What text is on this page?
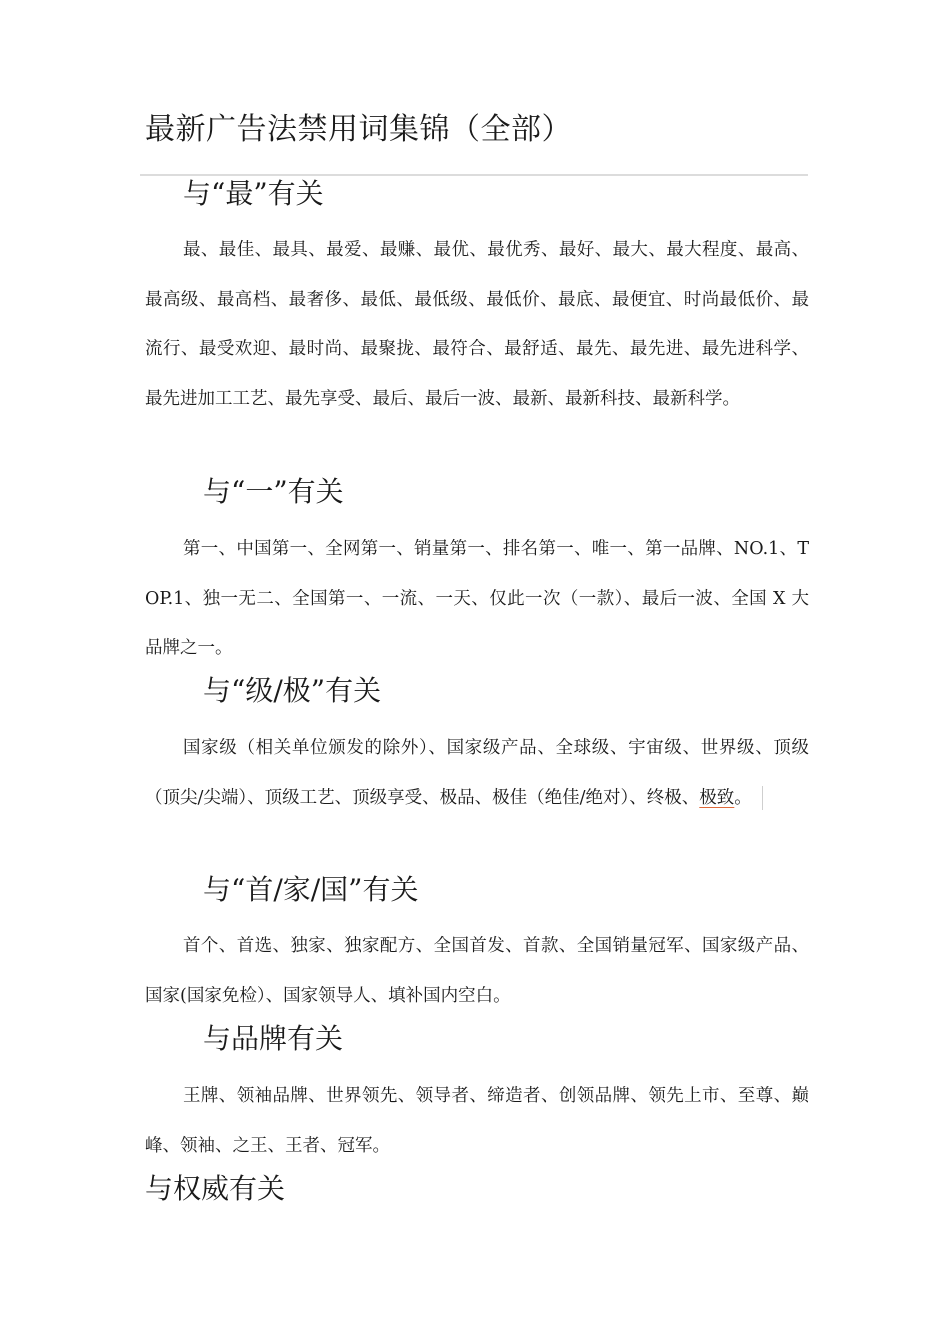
最新广告法禁用词集锦（全部）
与“最”有关
最、最佳、最具、最爱、最赚、最优、最优秀、最好、最大、最大程度、最高、最高级、最高档、最奢侈、最低、最低级、最低价、最底、最便宜、时尚最低价、最流行、最受欢迎、最时尚、最聚拢、最符合、最舒适、最先、最先进、最先进科学、最先进加工工艺、最先享受、最后、最后一波、最新、最新科技、最新科学。
与“一”有关
第一、中国第一、全网第一、销量第一、排名第一、唯一、第一品牌、NO.1、TOP.1、独一无二、全国第一、一流、一天、仅此一次（一款）、最后一波、全国 X 大品牌之一。
与“级/极”有关
国家级（相关单位颁发的除外）、国家级产品、全球级、宇宙级、世界级、顶级（顶尖/尖端）、顶级工艺、顶级享受、极品、极佳（绝佳/绝对）、终极、极致。
与“首/家/国”有关
首个、首选、独家、独家配方、全国首发、首款、全国销量冠军、国家级产品、国家(国家免检）、国家领导人、填补国内空白。
与品牌有关
王牌、领袖品牌、世界领先、领导者、缔造者、创领品牌、领先上市、至尊、巅峰、领袖、之王、王者、冠军。
与权威有关
